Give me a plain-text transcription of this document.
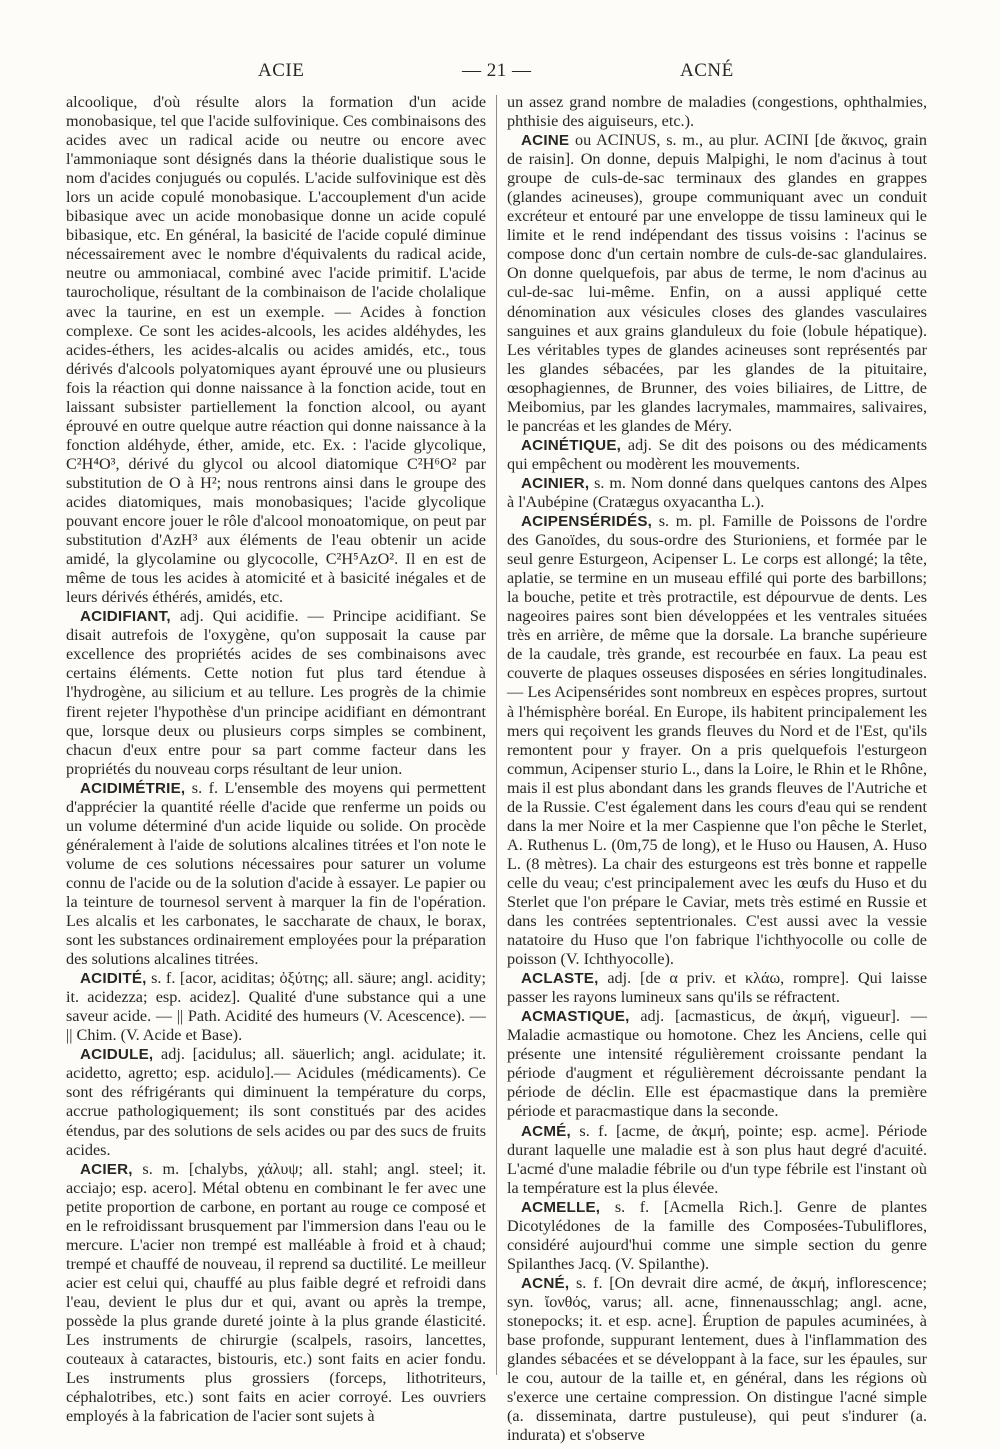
ACIE	— 21 —	ACNÉ

alcoolique, d'où résulte alors la formation d'un acide monobasique, tel que l'acide sulfovinique. Ces combinaisons des acides avec un radical acide ou neutre ou encore avec l'ammoniaque sont désignés dans la théorie dualistique sous le nom d'acides conjugués ou copulés. L'acide sulfovinique est dès lors un acide copulé monobasique. L'accouplement d'un acide bibasique avec un acide monobasique donne un acide copulé bibasique, etc. En général, la basicité de l'acide copulé diminue nécessairement avec le nombre d'équivalents du radical acide, neutre ou ammoniacal, combiné avec l'acide primitif. L'acide taurocholique, résultant de la combinaison de l'acide cholalique avec la taurine, en est un exemple. — Acides à fonction complexe. Ce sont les acides-alcools, les acides aldéhydes, les acides-éthers, les acides-alcalis ou acides amidés, etc., tous dérivés d'alcools polyatomiques ayant éprouvé une ou plusieurs fois la réaction qui donne naissance à la fonction acide, tout en laissant subsister partiellement la fonction alcool, ou ayant éprouvé en outre quelque autre réaction qui donne naissance à la fonction aldéhyde, éther, amide, etc. Ex. : l'acide glycolique, C²H⁴O³, dérivé du glycol ou alcool diatomique C²H⁶O² par substitution de O à H²; nous rentrons ainsi dans le groupe des acides diatomiques, mais monobasiques; l'acide glycolique pouvant encore jouer le rôle d'alcool monoatomique, on peut par substitution d'AzH³ aux éléments de l'eau obtenir un acide amidé, la glycolamine ou glycocolle, C²H⁵AzO². Il en est de même de tous les acides à atomicité et à basicité inégales et de leurs dérivés éthérés, amidés, etc.

ACIDIFIANT, adj. Qui acidifie. — Principe acidifiant. Se disait autrefois de l'oxygène, qu'on supposait la cause par excellence des propriétés acides de ses combinaisons avec certains éléments. Cette notion fut plus tard étendue à l'hydrogène, au silicium et au tellure. Les progrès de la chimie firent rejeter l'hypothèse d'un principe acidifiant en démontrant que, lorsque deux ou plusieurs corps simples se combinent, chacun d'eux entre pour sa part comme facteur dans les propriétés du nouveau corps résultant de leur union.

ACIDIMÉTRIE, s. f. L'ensemble des moyens qui permettent d'apprécier la quantité réelle d'acide que renferme un poids ou un volume déterminé d'un acide liquide ou solide. On procède généralement à l'aide de solutions alcalines titrées et l'on note le volume de ces solutions nécessaires pour saturer un volume connu de l'acide ou de la solution d'acide à essayer. Le papier ou la teinture de tournesol servent à marquer la fin de l'opération. Les alcalis et les carbonates, le saccharate de chaux, le borax, sont les substances ordinairement employées pour la préparation des solutions alcalines titrées.

ACIDITÉ, s. f. [acor, aciditas; ὀξύτης; all. säure; angl. acidity; it. acidezza; esp. acidez]. Qualité d'une substance qui a une saveur acide. — || Path. Acidité des humeurs (V. Acescence). — || Chim. (V. Acide et Base).

ACIDULE, adj. [acidulus; all. säuerlich; angl. acidulate; it. acidetto, agretto; esp. acidulo].— Acidules (médicaments). Ce sont des réfrigérants qui diminuent la température du corps, accrue pathologiquement; ils sont constitués par des acides étendus, par des solutions de sels acides ou par des sucs de fruits acides.

ACIER, s. m. [chalybs, χάλυψ; all. stahl; angl. steel; it. acciajo; esp. acero]. Métal obtenu en combinant le fer avec une petite proportion de carbone, en portant au rouge ce composé et en le refroidissant brusquement par l'immersion dans l'eau ou le mercure. L'acier non trempé est malléable à froid et à chaud; trempé et chauffé de nouveau, il reprend sa ductilité. Le meilleur acier est celui qui, chauffé au plus faible degré et refroidi dans l'eau, devient le plus dur et qui, avant ou après la trempe, possède la plus grande dureté jointe à la plus grande élasticité. Les instruments de chirurgie (scalpels, rasoirs, lancettes, couteaux à cataractes, bistouris, etc.) sont faits en acier fondu. Les instruments plus grossiers (forceps, lithotriteurs, céphalotribes, etc.) sont faits en acier corroyé. Les ouvriers employés à la fabrication de l'acier sont sujets à

un assez grand nombre de maladies (congestions, ophthalmies, phthisie des aiguiseurs, etc.).

ACINE ou ACINUS, s. m., au plur. ACINI [de ἄκινος, grain de raisin]. On donne, depuis Malpighi, le nom d'acinus à tout groupe de culs-de-sac terminaux des glandes en grappes (glandes acineuses), groupe communiquant avec un conduit excréteur et entouré par une enveloppe de tissu lamineux qui le limite et le rend indépendant des tissus voisins : l'acinus se compose donc d'un certain nombre de culs-de-sac glandulaires. On donne quelquefois, par abus de terme, le nom d'acinus au cul-de-sac lui-même. Enfin, on a aussi appliqué cette dénomination aux vésicules closes des glandes vasculaires sanguines et aux grains glanduleux du foie (lobule hépatique). Les véritables types de glandes acineuses sont représentés par les glandes sébacées, par les glandes de la pituitaire, œsophagiennes, de Brunner, des voies biliaires, de Littre, de Meibomius, par les glandes lacrymales, mammaires, salivaires, le pancréas et les glandes de Méry.

ACINÉTIQUE, adj. Se dit des poisons ou des médicaments qui empêchent ou modèrent les mouvements.

ACINIER, s. m. Nom donné dans quelques cantons des Alpes à l'Aubépine (Cratægus oxyacantha L.).

ACIPENSÉRIDÉS, s. m. pl. Famille de Poissons de l'ordre des Ganoïdes, du sous-ordre des Sturioniens, et formée par le seul genre Esturgeon, Acipenser L. Le corps est allongé; la tête, aplatie, se termine en un museau effilé qui porte des barbillons; la bouche, petite et très protractile, est dépourvue de dents. Les nageoires paires sont bien développées et les ventrales situées très en arrière, de même que la dorsale. La branche supérieure de la caudale, très grande, est recourbée en faux. La peau est couverte de plaques osseuses disposées en séries longitudinales. — Les Acipensérides sont nombreux en espèces propres, surtout à l'hémisphère boréal. En Europe, ils habitent principalement les mers qui reçoivent les grands fleuves du Nord et de l'Est, qu'ils remontent pour y frayer. On a pris quelquefois l'esturgeon commun, Acipenser sturio L., dans la Loire, le Rhin et le Rhône, mais il est plus abondant dans les grands fleuves de l'Autriche et de la Russie. C'est également dans les cours d'eau qui se rendent dans la mer Noire et la mer Caspienne que l'on pêche le Sterlet, A. Ruthenus L. (0m,75 de long), et le Huso ou Hausen, A. Huso L. (8 mètres). La chair des esturgeons est très bonne et rappelle celle du veau; c'est principalement avec les œufs du Huso et du Sterlet que l'on prépare le Caviar, mets très estimé en Russie et dans les contrées septentrionales. C'est aussi avec la vessie natatoire du Huso que l'on fabrique l'ichthyocolle ou colle de poisson (V. Ichthyocolle).

ACLASTE, adj. [de α priv. et κλάω, rompre]. Qui laisse passer les rayons lumineux sans qu'ils se réfractent.

ACMASTIQUE, adj. [acmasticus, de ἀκμή, vigueur]. — Maladie acmastique ou homotone. Chez les Anciens, celle qui présente une intensité régulièrement croissante pendant la période d'augment et régulièrement décroissante pendant la période de déclin. Elle est épacmastique dans la première période et paracmastique dans la seconde.

ACMÉ, s. f. [acme, de ἀκμή, pointe; esp. acme]. Période durant laquelle une maladie est à son plus haut degré d'acuité. L'acmé d'une maladie fébrile ou d'un type fébrile est l'instant où la température est la plus élevée.

ACMELLE, s. f. [Acmella Rich.]. Genre de plantes Dicotylédones de la famille des Composées-Tubuliflores, considéré aujourd'hui comme une simple section du genre Spilanthes Jacq. (V. Spilanthe).

ACNÉ, s. f. [On devrait dire acmé, de ἀκμή, inflorescence; syn. ἴονθός, varus; all. acne, finnenausschlag; angl. acne, stonepocks; it. et esp. acne]. Éruption de papules acuminées, à base profonde, suppurant lentement, dues à l'inflammation des glandes sébacées et se développant à la face, sur les épaules, sur le cou, autour de la taille et, en général, dans les régions où s'exerce une certaine compression. On distingue l'acné simple (a. disseminata, dartre pustuleuse), qui peut s'indurer (a. indurata) et s'observe
